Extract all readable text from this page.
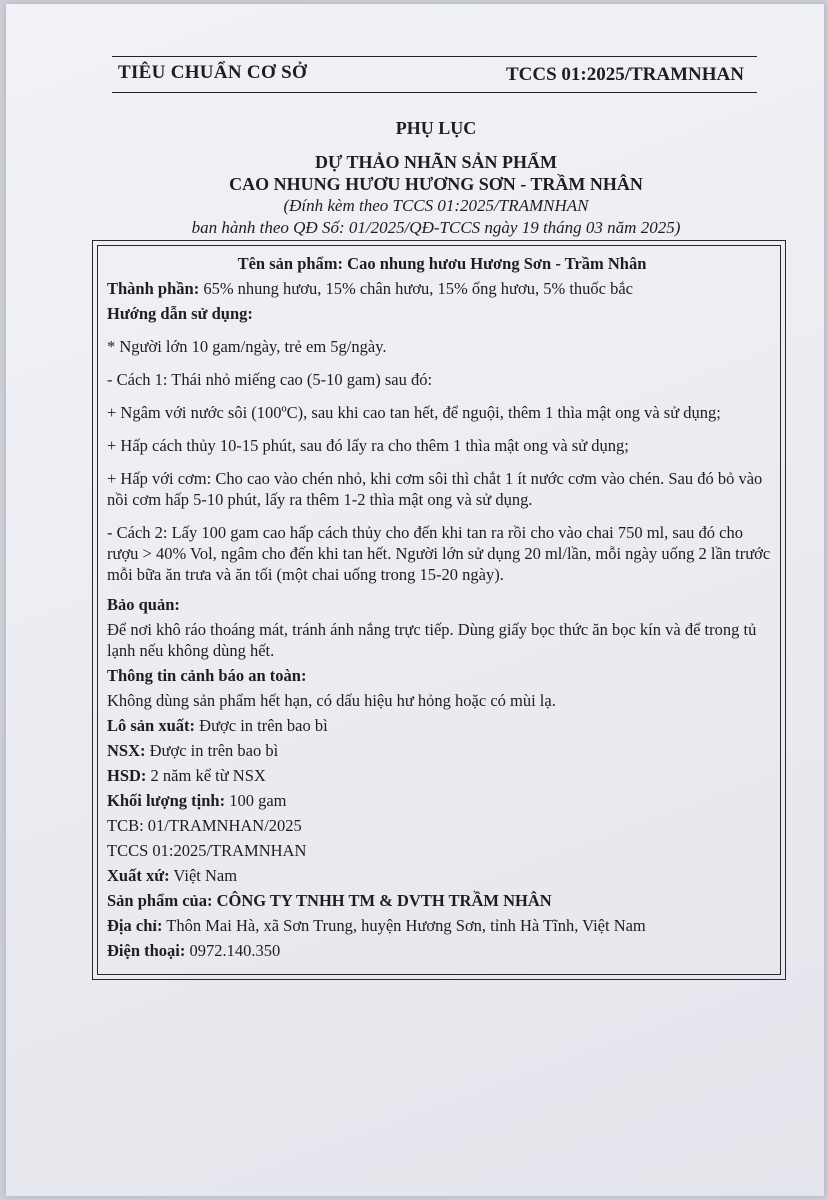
TIÊU CHUẨN CƠ SỞ	TCCS 01:2025/TRAMNHAN
PHỤ LỤC
DỰ THẢO NHÃN SẢN PHẨM
CAO NHUNG HƯƠU HƯƠNG SƠN - TRẦM NHÂN
(Đính kèm theo TCCS 01:2025/TRAMNHAN
ban hành theo QĐ Số: 01/2025/QĐ-TCCS ngày 19 tháng 03 năm 2025)

Tên sản phẩm: Cao nhung hươu Hương Sơn - Trầm Nhân

Thành phần: 65% nhung hươu, 15% chân hươu, 15% ống hươu, 5% thuốc bắc

Hướng dẫn sử dụng:

* Người lớn 10 gam/ngày, trẻ em 5g/ngày.

- Cách 1: Thái nhỏ miếng cao (5-10 gam) sau đó:

+ Ngâm với nước sôi (100ºC), sau khi cao tan hết, để nguội, thêm 1 thìa mật ong và sử dụng;

+ Hấp cách thủy 10-15 phút, sau đó lấy ra cho thêm 1 thìa mật ong và sử dụng;

+ Hấp với cơm: Cho cao vào chén nhỏ, khi cơm sôi thì chắt 1 ít nước cơm vào chén. Sau đó bỏ vào nồi cơm hấp 5-10 phút, lấy ra thêm 1-2 thìa mật ong và sử dụng.

- Cách 2: Lấy 100 gam cao hấp cách thủy cho đến khi tan ra rồi cho vào chai 750 ml, sau đó cho rượu > 40% Vol, ngâm cho đến khi tan hết. Người lớn sử dụng 20 ml/lần, mỗi ngày uống 2 lần trước mỗi bữa ăn trưa và ăn tối (một chai uống trong 15-20 ngày).

Bảo quản:

Để nơi khô ráo thoáng mát, tránh ánh nắng trực tiếp. Dùng giấy bọc thức ăn bọc kín và để trong tủ lạnh nếu không dùng hết.

Thông tin cảnh báo an toàn:

Không dùng sản phẩm hết hạn, có dấu hiệu hư hỏng hoặc có mùi lạ.

Lô sản xuất: Được in trên bao bì

NSX: Được in trên bao bì

HSD: 2 năm kể từ NSX

Khối lượng tịnh: 100 gam

TCB: 01/TRAMNHAN/2025

TCCS 01:2025/TRAMNHAN

Xuất xứ: Việt Nam

Sản phẩm của: CÔNG TY TNHH TM & DVTH TRẦM NHÂN

Địa chỉ: Thôn Mai Hà, xã Sơn Trung, huyện Hương Sơn, tỉnh Hà Tĩnh, Việt Nam

Điện thoại: 0972.140.350
